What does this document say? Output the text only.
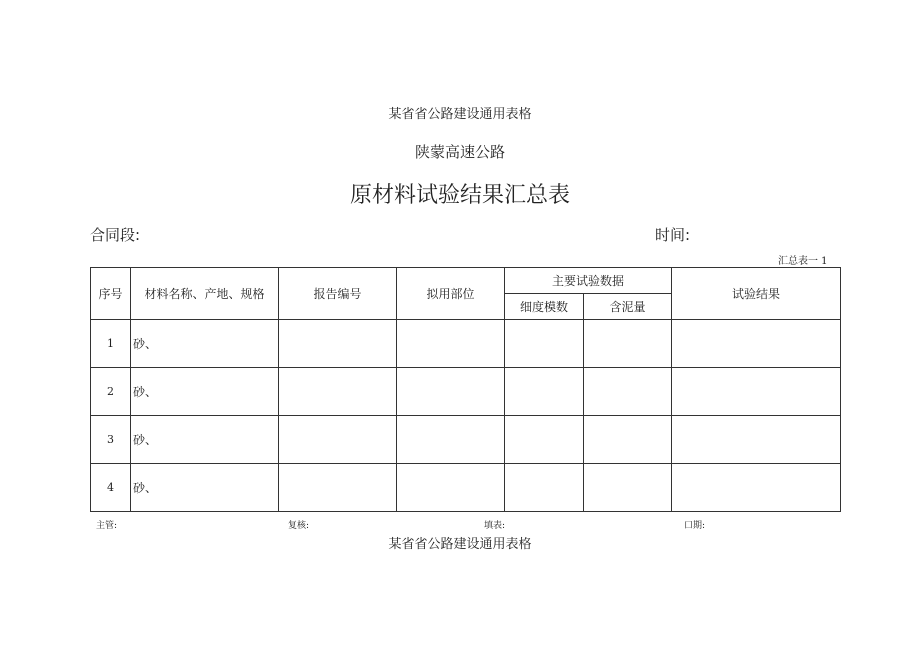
某省省公路建设通用表格
陕蒙高速公路
原材料试验结果汇总表
合同段:	时间:
汇总表一 1
序号	材料名称、产地、规格	报告编号	拟用部位	主要试验数据		试验结果
				细度模数	含泥量	
1	砂、					
2	砂、					
3	砂、					
4	砂、					
主管:	复核:	填表:	口期:
某省省公路建设通用表格
